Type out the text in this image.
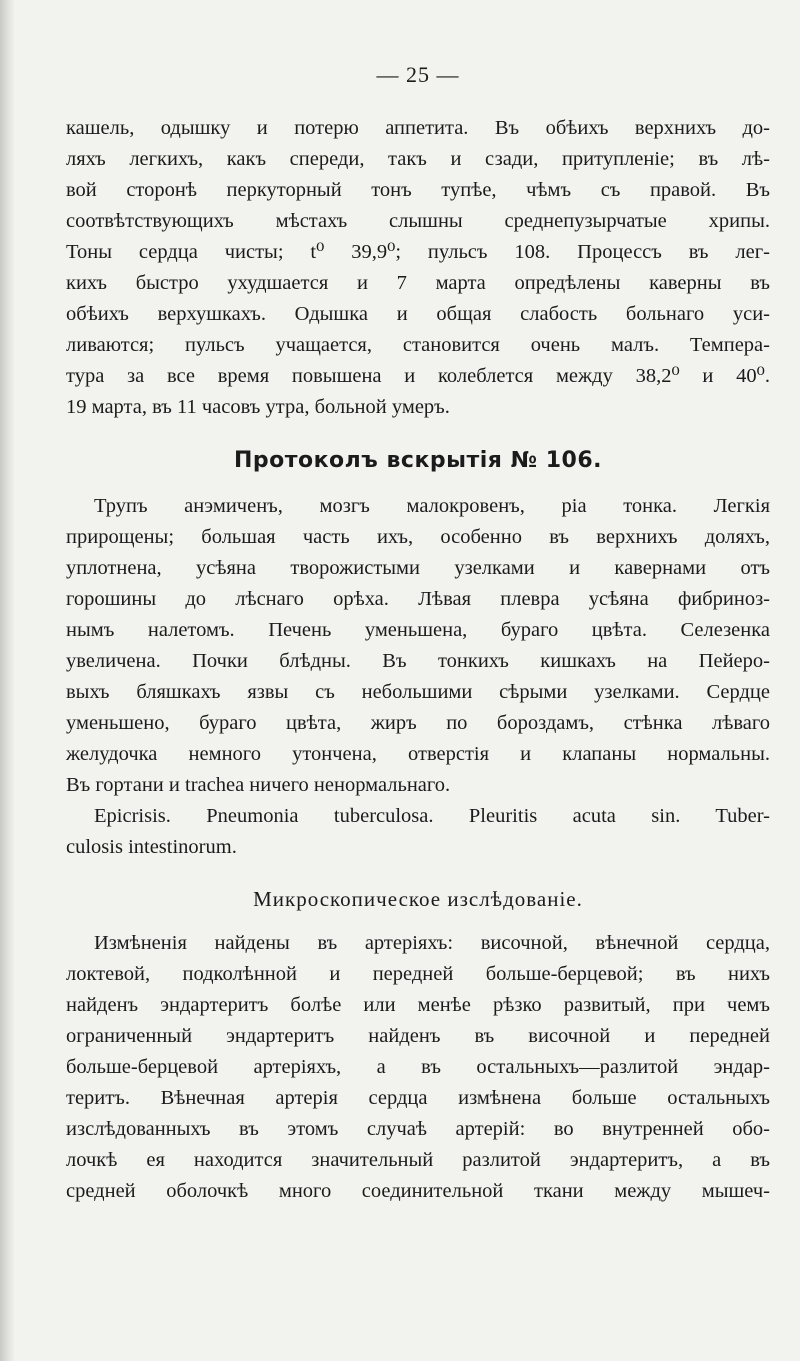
— 25 —
кашель, одышку и потерю аппетита. Въ обѣихъ верхнихъ до-
ляхъ легкихъ, какъ спереди, такъ и сзади, притупленіе; въ лѣ-
вой сторонѣ перкуторный тонъ тупѣе, чѣмъ съ правой. Въ
соотвѣтствующихъ мѣстахъ слышны среднепузырчатые хрипы.
Тоны сердца чисты; t⁰ 39,9⁰; пульсъ 108. Процессъ въ лег-
кихъ быстро ухудшается и 7 марта опредѣлены каверны въ
обѣихъ верхушкахъ. Одышка и общая слабость больнаго уси-
ливаются; пульсъ учащается, становится очень малъ. Темпера-
тура за все время повышена и колеблется между 38,2⁰ и 40⁰.
19 марта, въ 11 часовъ утра, больной умеръ.
Протоколъ вскрытія № 106.
Трупъ анэмиченъ, мозгъ малокровенъ, ріа тонка. Легкія
прирощены; большая часть ихъ, особенно въ верхнихъ доляхъ,
уплотнена, усѣяна творожистыми узелками и кавернами отъ
горошины до лѣснаго орѣха. Лѣвая плевра усѣяна фибриноз-
нымъ налетомъ. Печень уменьшена, бураго цвѣта. Селезенка
увеличена. Почки блѣдны. Въ тонкихъ кишкахъ на Пейеро-
выхъ бляшкахъ язвы съ небольшими сѣрыми узелками. Сердце
уменьшено, бураго цвѣта, жиръ по бороздамъ, стѣнка лѣваго
желудочка немного утончена, отверстія и клапаны нормальны.
Въ гортани и trachea ничего ненормальнаго.
Epicrisis. Pneumonia tuberculosa. Pleuritis acuta sin. Tuber-
culosis intestinorum.
Микроскопическое изслѣдованіе.
Измѣненія найдены въ артеріяхъ: височной, вѣнечной сердца,
локтевой, подколѣнной и передней больше-берцевой; въ нихъ
найденъ эндартеритъ болѣе или менѣе рѣзко развитый, при чемъ
ограниченный эндартеритъ найденъ въ височной и передней
больше-берцевой артеріяхъ, а въ остальныхъ—разлитой эндар-
теритъ. Вѣнечная артерія сердца измѣнена больше остальныхъ
изслѣдованныхъ въ этомъ случаѣ артерій: во внутренней обо-
лочкѣ ея находится значительный разлитой эндартеритъ, а въ
средней оболочкѣ много соединительной ткани между мышеч-
